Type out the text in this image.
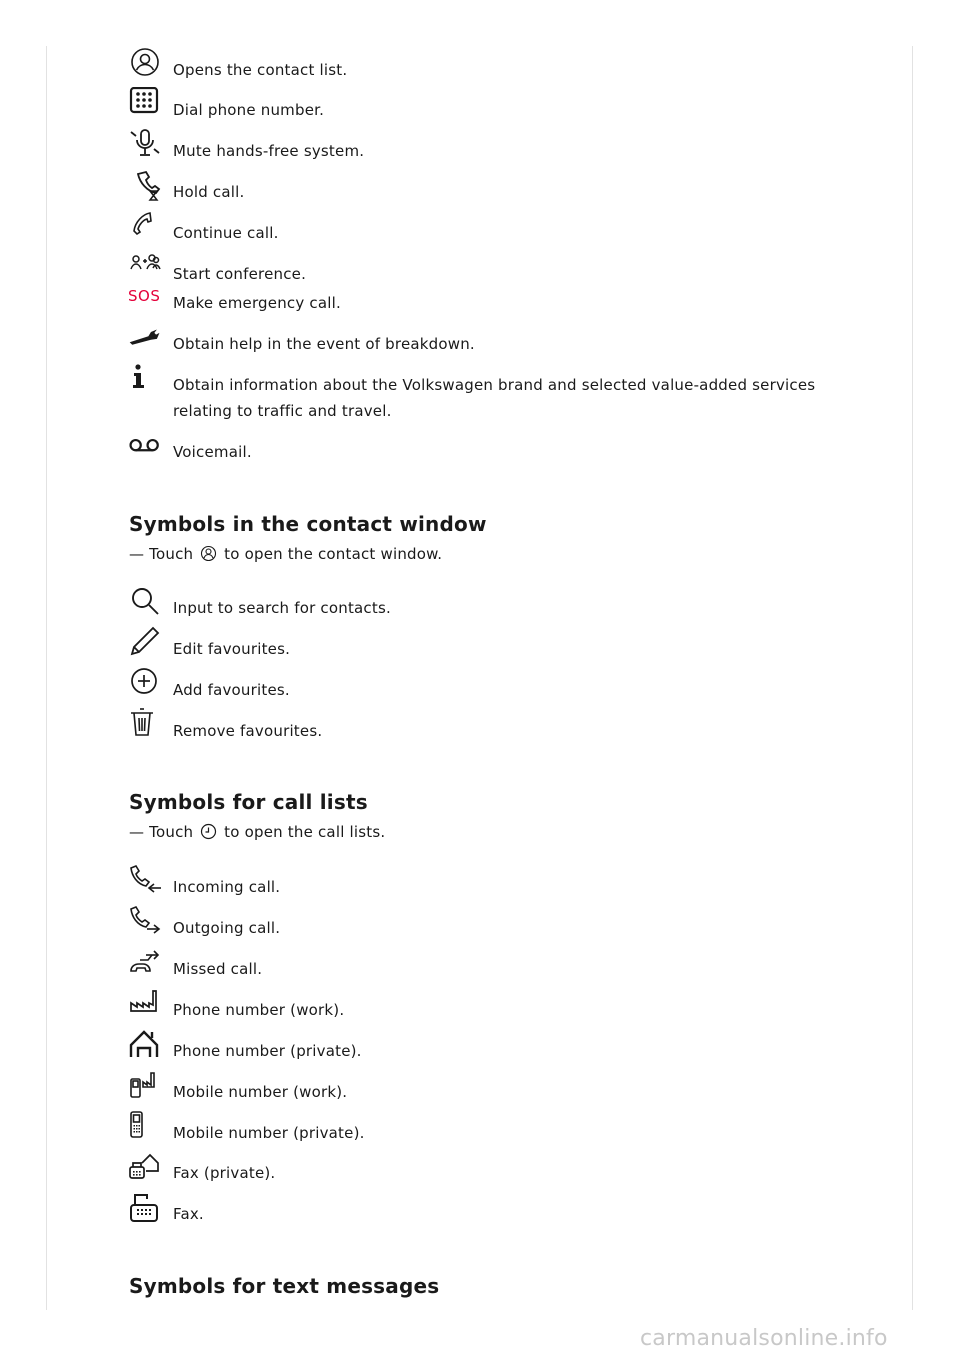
Opens the contact list.
Dial phone number.
Mute hands-free system.
Hold call.
Continue call.
Start conference.
SOS Make emergency call.
Obtain help in the event of breakdown.
Obtain information about the Volkswagen brand and selected value-added services relating to traffic and travel.
Voicemail.
Symbols in the contact window
— Touch to open the contact window.
Input to search for contacts.
Edit favourites.
Add favourites.
Remove favourites.
Symbols for call lists
— Touch to open the call lists.
Incoming call.
Outgoing call.
Missed call.
Phone number (work).
Phone number (private).
Mobile number (work).
Mobile number (private).
Fax (private).
Fax.
Symbols for text messages
carmanualsonline.info
